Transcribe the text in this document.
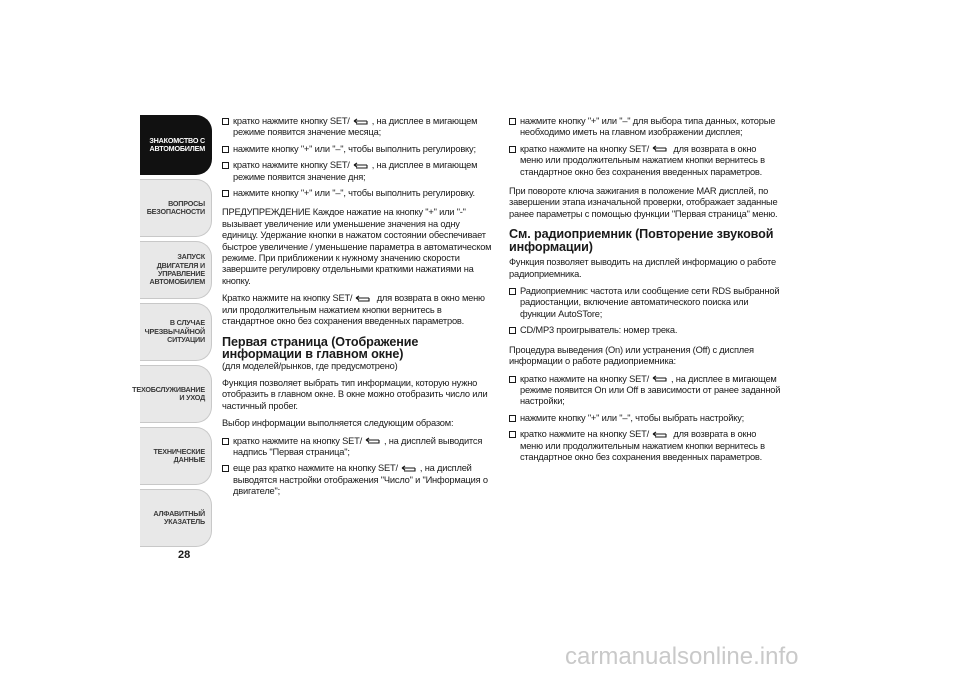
ЗНАКОМСТВО С
АВТОМОБИЛЕМ
ВОПРОСЫ
БЕЗОПАСНОСТИ
ЗАПУСК ДВИГАТЕЛЯ И
УПРАВЛЕНИЕ
АВТОМОБИЛЕМ
В СЛУЧАЕ
ЧРЕЗВЫЧАЙНОЙ
СИТУАЦИИ
ТЕХОБСЛУЖИВАНИЕ
И УХОД
ТЕХНИЧЕСКИЕ
ДАННЫЕ
АЛФАВИТНЫЙ
УКАЗАТЕЛЬ
28
кратко нажмите кнопку SET/ , на дисплее в мигающем режиме появится значение месяца;
нажмите кнопку "+" или "–", чтобы выполнить регулировку;
кратко нажмите кнопку SET/ , на дисплее в мигающем режиме появится значение дня;
нажмите кнопку "+" или "–", чтобы выполнить регулировку.
ПРЕДУПРЕЖДЕНИЕ Каждое нажатие на кнопку "+" или "-" вызывает увеличение или уменьшение значения на одну единицу. Удержание кнопки в нажатом состоянии обеспечивает быстрое увеличение / уменьшение параметра в автоматическом режиме. При приближении к нужному значению скорости завершите регулировку отдельными краткими нажатиями на кнопку.
Кратко нажмите на кнопку SET/ для возврата в окно меню или продолжительным нажатием кнопки вернитесь в стандартное окно без сохранения введенных параметров.
Первая страница (Отображение информации в главном окне)
(для моделей/рынков, где предусмотрено)
Функция позволяет выбрать тип информации, которую нужно отобразить в главном окне. В окне можно отобразить число или частичный пробег.
Выбор информации выполняется следующим образом:
кратко нажмите на кнопку SET/ , на дисплей выводится надпись "Первая страница";
еще раз кратко нажмите на кнопку SET/ , на дисплей выводятся настройки отображения "Число" и "Информация о двигателе";
нажмите кнопку "+" или "–" для выбора типа данных, которые необходимо иметь на главном изображении дисплея;
кратко нажмите на кнопку SET/ для возврата в окно меню или продолжительным нажатием кнопки вернитесь в стандартное окно без сохранения введенных параметров.
При повороте ключа зажигания в положение MAR дисплей, по завершении этапа изначальной проверки, отображает заданные ранее параметры с помощью функции "Первая страница" меню.
См. радиоприемник (Повторение звуковой информации)
Функция позволяет выводить на дисплей информацию о работе радиоприемника.
Радиоприемник: частота или сообщение сети RDS выбранной радиостанции, включение автоматического поиска или функции AutoSTore;
CD/MP3 проигрыватель: номер трека.
Процедура выведения (On) или устранения (Off) с дисплея информации о работе радиоприемника:
кратко нажмите на кнопку SET/ , на дисплее в мигающем режиме появится On или Off в зависимости от ранее заданной настройки;
нажмите кнопку "+" или "–", чтобы выбрать настройку;
кратко нажмите на кнопку SET/ для возврата в окно меню или продолжительным нажатием кнопки вернитесь в стандартное окно без сохранения введенных параметров.
carmanualsonline.info
